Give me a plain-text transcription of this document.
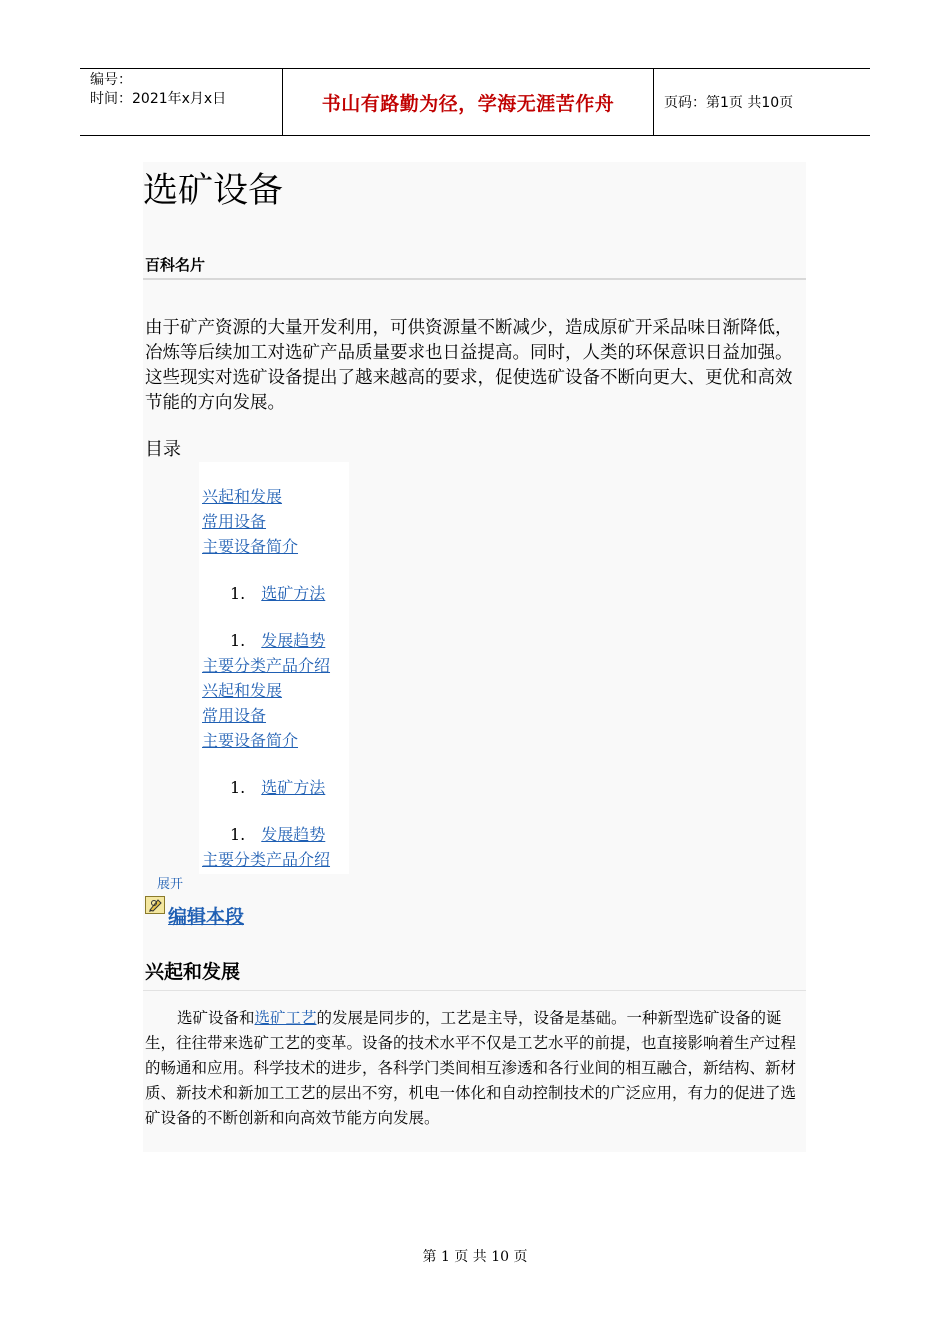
编号：
时间：2021年x月x日	书山有路勤为径，学海无涯苦作舟	页码：第1页 共10页
选矿设备
百科名片

由于矿产资源的大量开发利用，可供资源量不断减少，造成原矿开采品味日渐降低，冶炼等后续加工对选矿产品质量要求也日益提高。同时，人类的环保意识日益加强。这些现实对选矿设备提出了越来越高的要求，促使选矿设备不断向更大、更优和高效节能的方向发展。

目录
兴起和发展
常用设备
主要设备简介
1. 选矿方法
1. 发展趋势
主要分类产品介绍
兴起和发展
常用设备
主要设备简介
1. 选矿方法
1. 发展趋势
主要分类产品介绍
展开
编辑本段
兴起和发展

选矿设备和选矿工艺的发展是同步的，工艺是主导，设备是基础。一种新型选矿设备的诞生，往往带来选矿工艺的变革。设备的技术水平不仅是工艺水平的前提，也直接影响着生产过程的畅通和应用。科学技术的进步，各科学门类间相互渗透和各行业间的相互融合，新结构、新材质、新技术和新加工工艺的层出不穷，机电一体化和自动控制技术的广泛应用，有力的促进了选矿设备的不断创新和向高效节能方向发展。

第 1 页 共 10 页
